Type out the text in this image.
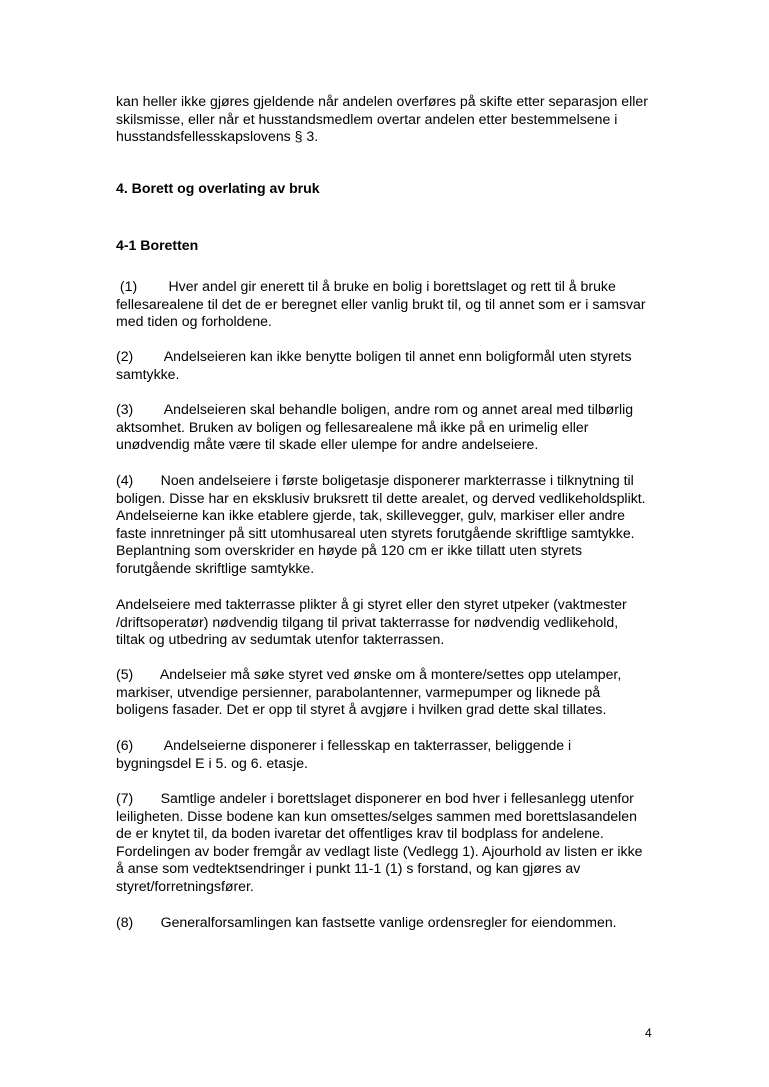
kan heller ikke gjøres gjeldende når andelen overføres på skifte etter separasjon eller
skilsmisse, eller når et husstandsmedlem overtar andelen etter bestemmelsene i
husstandsfellesskapslovens § 3.
4. Borett og overlating av bruk
4-1 Boretten
(1)        Hver andel gir enerett til å bruke en bolig i borettslaget og rett til å bruke
fellesarealene til det de er beregnet eller vanlig brukt til, og til annet som er i samsvar
med tiden og forholdene.
(2)        Andelseieren kan ikke benytte boligen til annet enn boligformål uten styrets
samtykke.
(3)        Andelseieren skal behandle boligen, andre rom og annet areal med tilbørlig
aktsomhet. Bruken av boligen og fellesarealene må ikke på en urimelig eller
unødvendig måte være til skade eller ulempe for andre andelseiere.
(4)       Noen andelseiere i første boligetasje disponerer markterrasse i tilknytning til
boligen. Disse har en eksklusiv bruksrett til dette arealet, og derved vedlikeholdsplikt.
Andelseierne kan ikke etablere gjerde, tak, skillevegger, gulv, markiser eller andre
faste innretninger på sitt utomhusareal uten styrets forutgående skriftlige samtykke.
Beplantning som overskrider en høyde på 120 cm er ikke tillatt uten styrets
forutgående skriftlige samtykke.
Andelseiere med takterrasse plikter å gi styret eller den styret utpeker (vaktmester
/driftsoperatør) nødvendig tilgang til privat takterrasse for nødvendig vedlikehold,
tiltak og utbedring av sedumtak utenfor takterrassen.
(5)       Andelseier må søke styret ved ønske om å montere/settes opp utelamper,
markiser, utvendige persienner, parabolantenner, varmepumper og liknede på
boligens fasader. Det er opp til styret å avgjøre i hvilken grad dette skal tillates.
(6)        Andelseierne disponerer i fellesskap en takterrasser, beliggende i
bygningsdel E i 5. og 6. etasje.
(7)       Samtlige andeler i borettslaget disponerer en bod hver i fellesanlegg utenfor
leiligheten. Disse bodene kan kun omsettes/selges sammen med borettslasandelen
de er knytet til, da boden ivaretar det offentliges krav til bodplass for andelene.
Fordelingen av boder fremgår av vedlagt liste (Vedlegg 1). Ajourhold av listen er ikke
å anse som vedtektsendringer i punkt 11-1 (1) s forstand, og kan gjøres av
styret/forretningsfører.
(8)       Generalforsamlingen kan fastsette vanlige ordensregler for eiendommen.
4
